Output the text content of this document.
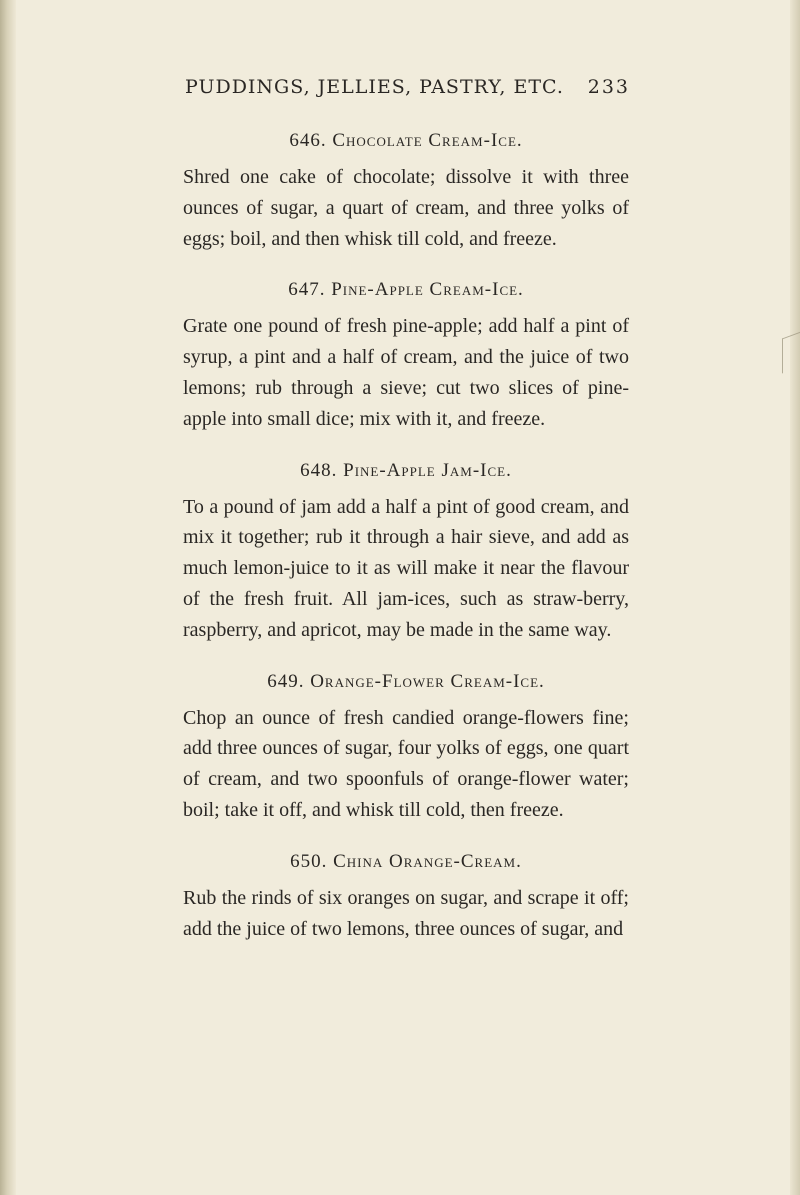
PUDDINGS, JELLIES, PASTRY, ETC. 233
646. Chocolate Cream-Ice.

Shred one cake of chocolate; dissolve it with three ounces of sugar, a quart of cream, and three yolks of eggs; boil, and then whisk till cold, and freeze.

647. Pine-Apple Cream-Ice.

Grate one pound of fresh pine-apple; add half a pint of syrup, a pint and a half of cream, and the juice of two lemons; rub through a sieve; cut two slices of pine-apple into small dice; mix with it, and freeze.

648. Pine-Apple Jam-Ice.

To a pound of jam add a half a pint of good cream, and mix it together; rub it through a hair sieve, and add as much lemon-juice to it as will make it near the flavour of the fresh fruit. All jam-ices, such as straw-berry, raspberry, and apricot, may be made in the same way.

649. Orange-Flower Cream-Ice.

Chop an ounce of fresh candied orange-flowers fine; add three ounces of sugar, four yolks of eggs, one quart of cream, and two spoonfuls of orange-flower water; boil; take it off, and whisk till cold, then freeze.

650. China Orange-Cream.

Rub the rinds of six oranges on sugar, and scrape it off; add the juice of two lemons, three ounces of sugar, and
